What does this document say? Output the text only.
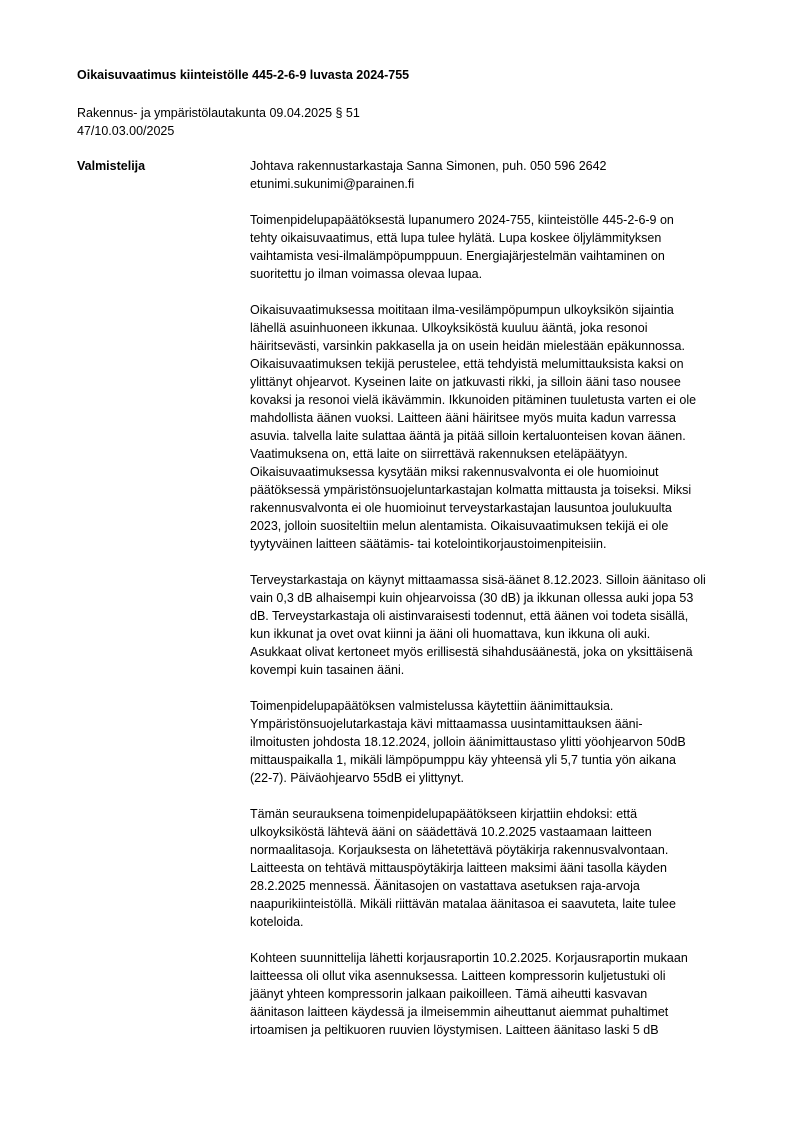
Oikaisuvaatimus kiinteistölle 445-2-6-9 luvasta 2024-755
Rakennus- ja ympäristölautakunta 09.04.2025 § 51
47/10.03.00/2025
Valmistelija	Johtava rakennustarkastaja Sanna Simonen, puh. 050 596 2642
etunimi.sukunimi@parainen.fi

Toimenpidelupapäätöksestä lupanumero 2024-755, kiinteistölle 445-2-6-9 on
tehty oikaisuvaatimus, että lupa tulee hylätä. Lupa koskee öljylämmityksen
vaihtamista vesi-ilmalämpöpumppuun. Energiajärjestelmän vaihtaminen on
suoritettu jo ilman voimassa olevaa lupaa.

Oikaisuvaatimuksessa moititaan ilma-vesilämpöpumpun ulkoyksikön sijaintia
lähellä asuinhuoneen ikkunaa. Ulkoyksiköstä kuuluu ääntä, joka resonoi
häiritsevästi, varsinkin pakkasella ja on usein heidän mielestään epäkunnossa.
Oikaisuvaatimuksen tekijä perustelee, että tehdyistä melumittauksista kaksi on
ylittänyt ohjearvot. Kyseinen laite on jatkuvasti rikki, ja silloin ääni taso nousee
kovaksi ja resonoi vielä ikävämmin. Ikkunoiden pitäminen tuuletusta varten ei ole
mahdollista äänen vuoksi. Laitteen ääni häiritsee myös muita kadun varressa
asuvia. talvella laite sulattaa ääntä ja pitää silloin kertaluonteisen kovan äänen.
Vaatimuksena on, että laite on siirrettävä rakennuksen eteläpäätyyn.
Oikaisuvaatimuksessa kysytään miksi rakennusvalvonta ei ole huomioinut
päätöksessä ympäristönsuojeluntarkastajan kolmatta mittausta ja toiseksi. Miksi
rakennusvalvonta ei ole huomioinut terveystarkastajan lausuntoa joulukuulta
2023, jolloin suositeltiin melun alentamista. Oikaisuvaatimuksen tekijä ei ole
tyytyväinen laitteen säätämis- tai kotelointikorjaustoimenpiteisiin.

Terveystarkastaja on käynyt mittaamassa sisä-äänet 8.12.2023. Silloin äänitaso oli
vain 0,3 dB alhaisempi kuin ohjearvoissa (30 dB) ja ikkunan ollessa auki jopa 53
dB. Terveystarkastaja oli aistinvaraisesti todennut, että äänen voi todeta sisällä,
kun ikkunat ja ovet ovat kiinni ja ääni oli huomattava, kun ikkuna oli auki.
Asukkaat olivat kertoneet myös erillisestä sihahdusäänestä, joka on yksittäisenä
kovempi kuin tasainen ääni.

Toimenpidelupapäätöksen valmistelussa käytettiin äänimittauksia.
Ympäristönsuojelutarkastaja kävi mittaamassa uusintamittauksen ääni-
ilmoitusten johdosta 18.12.2024, jolloin äänimittaustaso ylitti yöohjearvon 50dB
mittauspaikalla 1, mikäli lämpöpumppu käy yhteensä yli 5,7 tuntia yön aikana
(22-7). Päiväohjearvo 55dB ei ylittynyt.

Tämän seurauksena toimenpidelupapäätökseen kirjattiin ehdoksi: että
ulkoyksiköstä lähtevä ääni on säädettävä 10.2.2025 vastaamaan laitteen
normaalitasoja. Korjauksesta on lähetettävä pöytäkirja rakennusvalvontaan.
Laitteesta on tehtävä mittauspöytäkirja laitteen maksimi ääni tasolla käyden
28.2.2025 mennessä. Äänitasojen on vastattava asetuksen raja-arvoja
naapurikiinteistöllä. Mikäli riittävän matalaa äänitasoa ei saavuteta, laite tulee
koteloida.

Kohteen suunnittelija lähetti korjausraportin 10.2.2025. Korjausraportin mukaan
laitteessa oli ollut vika asennuksessa. Laitteen kompressorin kuljetustuki oli
jäänyt yhteen kompressorin jalkaan paikoilleen. Tämä aiheutti kasvavan
äänitason laitteen käydessä ja ilmeisemmin aiheuttanut aiemmat puhaltimet
irtoamisen ja peltikuoren ruuvien löystymisen. Laitteen äänitaso laski 5 dB
